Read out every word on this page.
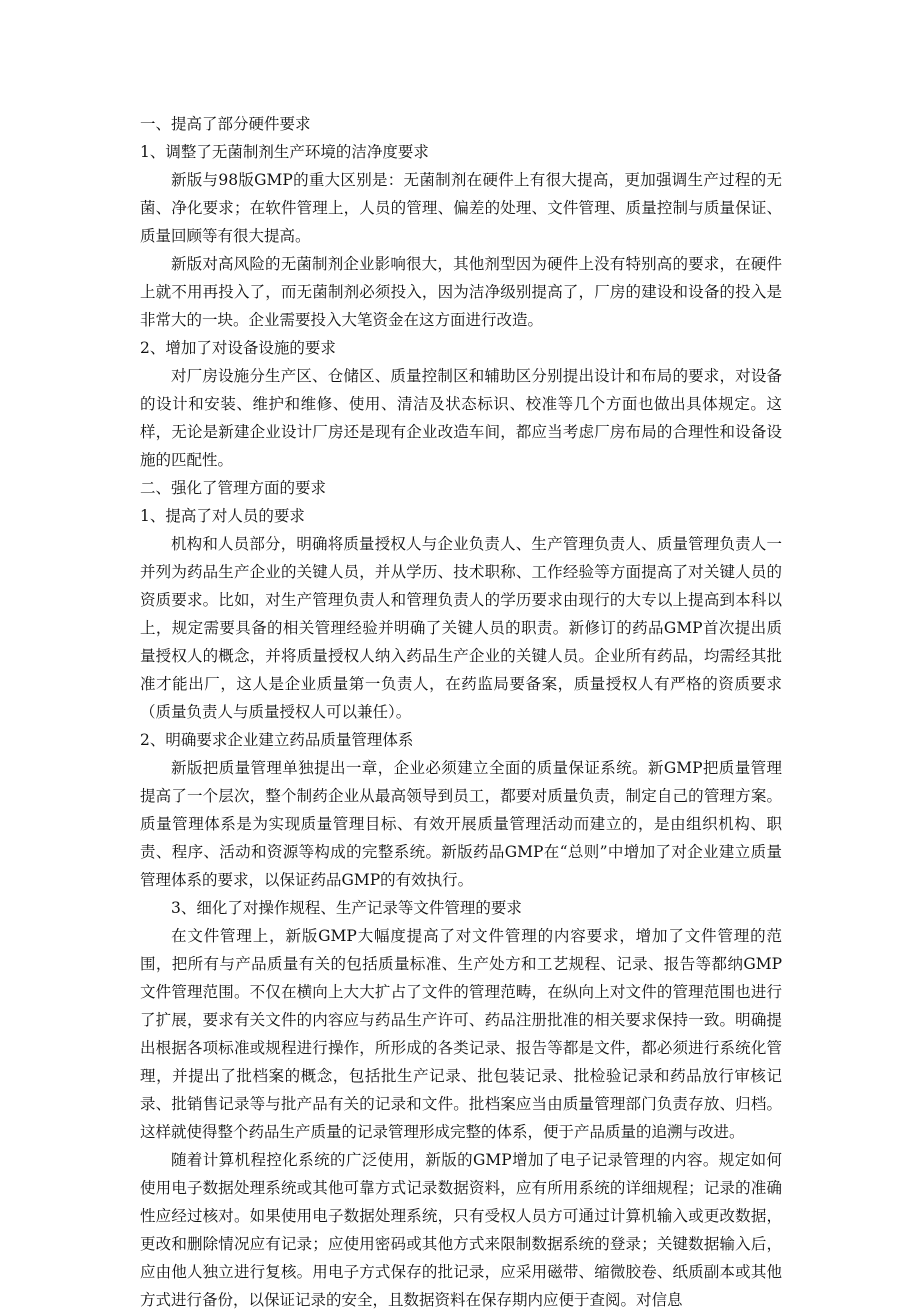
一、提高了部分硬件要求

1、调整了无菌制剂生产环境的洁净度要求

新版与98版GMP的重大区别是：无菌制剂在硬件上有很大提高，更加强调生产过程的无菌、净化要求；在软件管理上，人员的管理、偏差的处理、文件管理、质量控制与质量保证、质量回顾等有很大提高。

新版对高风险的无菌制剂企业影响很大，其他剂型因为硬件上没有特别高的要求，在硬件上就不用再投入了，而无菌制剂必须投入，因为洁净级别提高了，厂房的建设和设备的投入是非常大的一块。企业需要投入大笔资金在这方面进行改造。

2、增加了对设备设施的要求

对厂房设施分生产区、仓储区、质量控制区和辅助区分别提出设计和布局的要求，对设备的设计和安装、维护和维修、使用、清洁及状态标识、校准等几个方面也做出具体规定。这样，无论是新建企业设计厂房还是现有企业改造车间，都应当考虑厂房布局的合理性和设备设施的匹配性。

二、强化了管理方面的要求

1、提高了对人员的要求

机构和人员部分，明确将质量授权人与企业负责人、生产管理负责人、质量管理负责人一并列为药品生产企业的关键人员，并从学历、技术职称、工作经验等方面提高了对关键人员的资质要求。比如，对生产管理负责人和管理负责人的学历要求由现行的大专以上提高到本科以上，规定需要具备的相关管理经验并明确了关键人员的职责。新修订的药品GMP首次提出质量授权人的概念，并将质量授权人纳入药品生产企业的关键人员。企业所有药品，均需经其批准才能出厂，这人是企业质量第一负责人，在药监局要备案，质量授权人有严格的资质要求（质量负责人与质量授权人可以兼任）。

2、明确要求企业建立药品质量管理体系

新版把质量管理单独提出一章，企业必须建立全面的质量保证系统。新GMP把质量管理提高了一个层次，整个制药企业从最高领导到员工，都要对质量负责，制定自己的管理方案。质量管理体系是为实现质量管理目标、有效开展质量管理活动而建立的，是由组织机构、职责、程序、活动和资源等构成的完整系统。新版药品GMP在“总则”中增加了对企业建立质量管理体系的要求，以保证药品GMP的有效执行。

3、细化了对操作规程、生产记录等文件管理的要求

在文件管理上，新版GMP大幅度提高了对文件管理的内容要求，增加了文件管理的范围，把所有与产品质量有关的包括质量标准、生产处方和工艺规程、记录、报告等都纳GMP文件管理范围。不仅在横向上大大扩占了文件的管理范畴，在纵向上对文件的管理范围也进行了扩展，要求有关文件的内容应与药品生产许可、药品注册批准的相关要求保持一致。明确提出根据各项标准或规程进行操作，所形成的各类记录、报告等都是文件，都必须进行系统化管理，并提出了批档案的概念，包括批生产记录、批包装记录、批检验记录和药品放行审核记录、批销售记录等与批产品有关的记录和文件。批档案应当由质量管理部门负责存放、归档。这样就使得整个药品生产质量的记录管理形成完整的体系，便于产品质量的追溯与改进。

随着计算机程控化系统的广泛使用，新版的GMP增加了电子记录管理的内容。规定如何使用电子数据处理系统或其他可靠方式记录数据资料，应有所用系统的详细规程；记录的准确性应经过核对。如果使用电子数据处理系统，只有受权人员方可通过计算机输入或更改数据，更改和删除情况应有记录；应使用密码或其他方式来限制数据系统的登录；关键数据输入后，应由他人独立进行复核。用电子方式保存的批记录，应采用磁带、缩微胶卷、纸质副本或其他方式进行备份，以保证记录的安全，且数据资料在保存期内应便于查阅。对信息
